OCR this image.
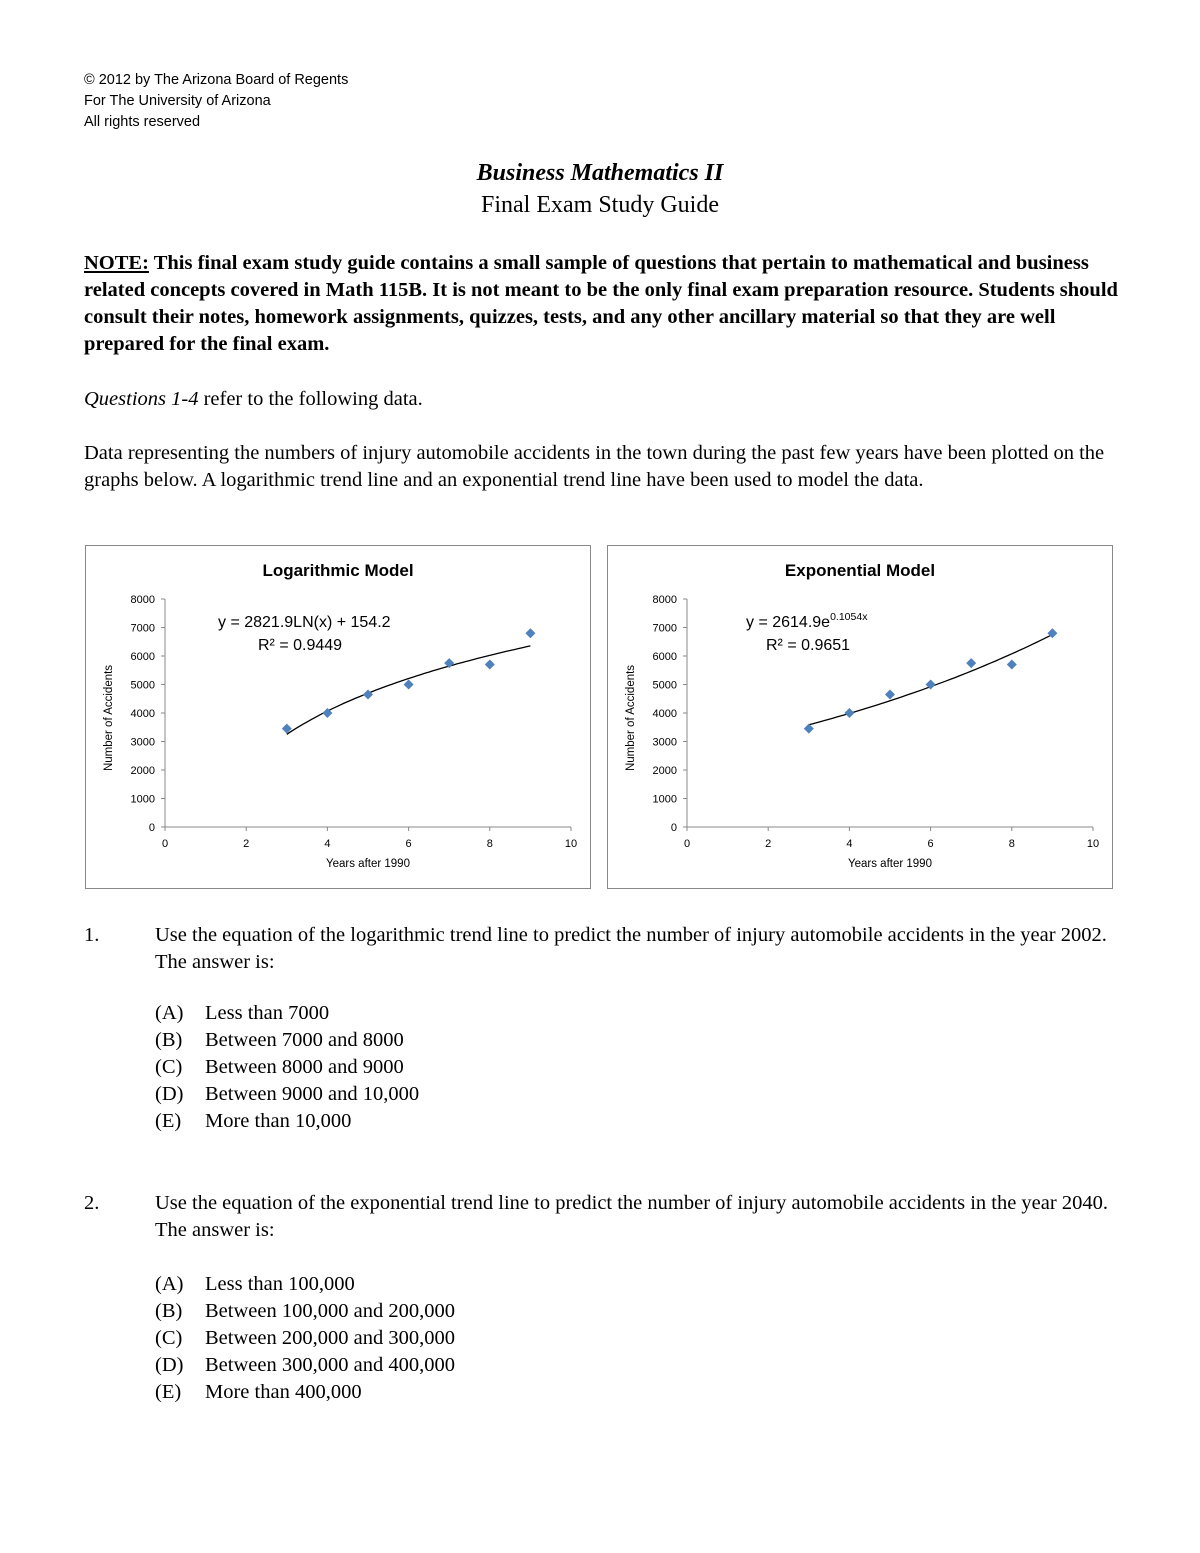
© 2012 by The Arizona Board of Regents
For The University of Arizona
All rights reserved
Business Mathematics II
Final Exam Study Guide
NOTE: This final exam study guide contains a small sample of questions that pertain to mathematical and business related concepts covered in Math 115B. It is not meant to be the only final exam preparation resource. Students should consult their notes, homework assignments, quizzes, tests, and any other ancillary material so that they are well prepared for the final exam.
Questions 1-4 refer to the following data.
Data representing the numbers of injury automobile accidents in the town during the past few years have been plotted on the graphs below. A logarithmic trend line and an exponential trend line have been used to model the data.
Logarithmic Model
0	2	4	6	8	10
0
1000
2000
3000
4000
5000
6000
7000
8000
Years after 1990
Number of Accidents
y = 2821.9LN(x) + 154.2
R² = 0.9449
Exponential Model
0	2	4	6	8	10
0
1000
2000
3000
4000
5000
6000
7000
8000
Years after 1990
Number of Accidents
$y = 2614.9e^{0.1054x}$
R² = 0.9651
1.	Use the equation of the logarithmic trend line to predict the number of injury automobile accidents in the year 2002. The answer is:
(A) Less than 7000
(B) Between 7000 and 8000
(C) Between 8000 and 9000
(D) Between 9000 and 10,000
(E) More than 10,000
2.	Use the equation of the exponential trend line to predict the number of injury automobile accidents in the year 2040. The answer is:
(A) Less than 100,000
(B) Between 100,000 and 200,000
(C) Between 200,000 and 300,000
(D) Between 300,000 and 400,000
(E) More than 400,000
